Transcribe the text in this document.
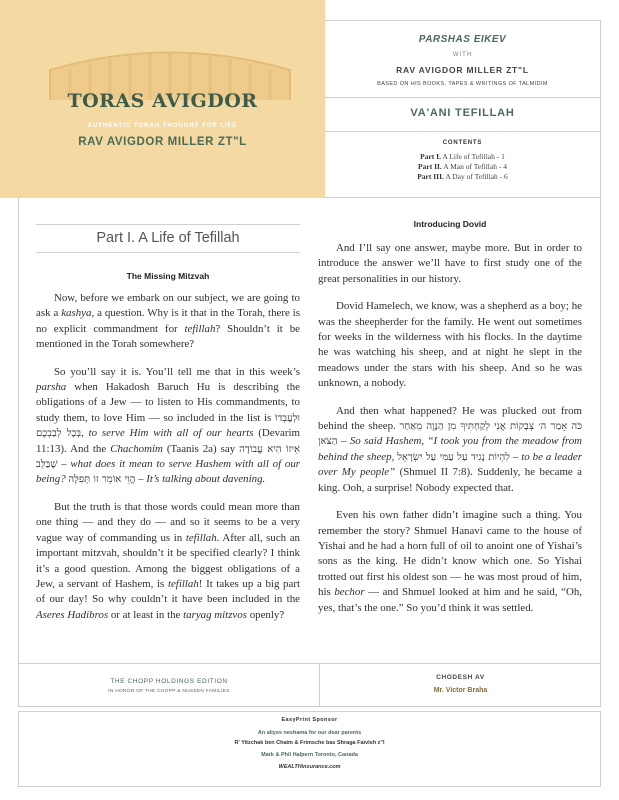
TORAS AVIGDOR
AUTHENTIC TORAH THOUGHT FOR LIFE
RAV AVIGDOR MILLER ZT"L
PARSHAS EIKEV
WITH
RAV AVIGDOR MILLER ZT"L
BASED ON HIS BOOKS, TAPES & WRITINGS OF TALMIDIM
VA'ANI TEFILLAH
CONTENTS
Part I. A Life of Tefillah - 1
Part II. A Man of Tefillah - 4
Part III. A Day of Tefillah - 6
Part I. A Life of Tefillah
The Missing Mitzvah

Now, before we embark on our subject, we are going to ask a kashya, a question. Why is it that in the Torah, there is no explicit commandment for tefillah? Shouldn’t it be mentioned in the Torah somewhere?

So you’ll say it is. You’ll tell me that in this week’s parsha when Hakadosh Baruch Hu is describing the obligations of a Jew — to listen to His commandments, to study them, to love Him — so included in the list is וּלְעָבְדוֹ בְּכָל לְבַבְכֶם, to serve Him with all of our hearts (Devarim 11:13). And the Chachomim (Taanis 2a) say אֵיזוֹ הִיא עֲבוֹדָה שֶׁבַּלֵּב – what does it mean to serve Hashem with all of our being? הֱוֵי אוֹמֵר זוֹ תְּפִלָּה – It’s talking about davening.

But the truth is that those words could mean more than one thing — and they do — and so it seems to be a very vague way of commanding us in tefillah. After all, such an important mitzvah, shouldn’t it be specified clearly? I think it’s a good question. Among the biggest obligations of a Jew, a servant of Hashem, is tefillah! It takes up a big part of our day! So why couldn’t it have been included in the Aseres Hadibros or at least in the taryag mitzvos openly?

Introducing Dovid

And I’ll say one answer, maybe more. But in order to introduce the answer we’ll have to first study one of the great personalities in our history.

Dovid Hamelech, we know, was a shepherd as a boy; he was the sheepherder for the family. He went out sometimes for weeks in the wilderness with his flocks. In the daytime he was watching his sheep, and at night he slept in the meadows under the stars with his sheep. And so he was unknown, a nobody.

And then what happened? He was plucked out from behind the sheep. כֹּה אָמַר ה׳ צְבָקוֹת אֲנִי לְקַחְתִּיךָ מִן הַנָּוֶה מֵאַחַר הַצֹּאן – So said Hashem, “I took you from the meadow from behind the sheep, לִהְיוֹת נָגִיד עַל עַמִּי עַל יִשְׂרָאֵל – to be a leader over My people” (Shmuel II 7:8). Suddenly, he became a king. Ooh, a surprise! Nobody expected that.

Even his own father didn’t imagine such a thing. You remember the story? Shmuel Hanavi came to the house of Yishai and he had a horn full of oil to anoint one of Yishai’s sons as the king. He didn’t know which one. So Yishai trotted out first his oldest son — he was most proud of him, his bechor — and Shmuel looked at him and he said, “Oh, yes, that’s the one.” So you’d think it was settled.

THE CHOPP HOLDINGS EDITION
IN HONOR OF THE CHOPP & NUSSEN FAMILIES
CHODESH AV
Mr. Victor Braha
EasyPrint Sponsor
An aliyes neshama for our dear parents
R' Yitzchak ben Chaim & Frimsche bas Shraga Faivish z"l
Mark & Phil Halpern Toronto, Canada
WEALTHinsurance.com
